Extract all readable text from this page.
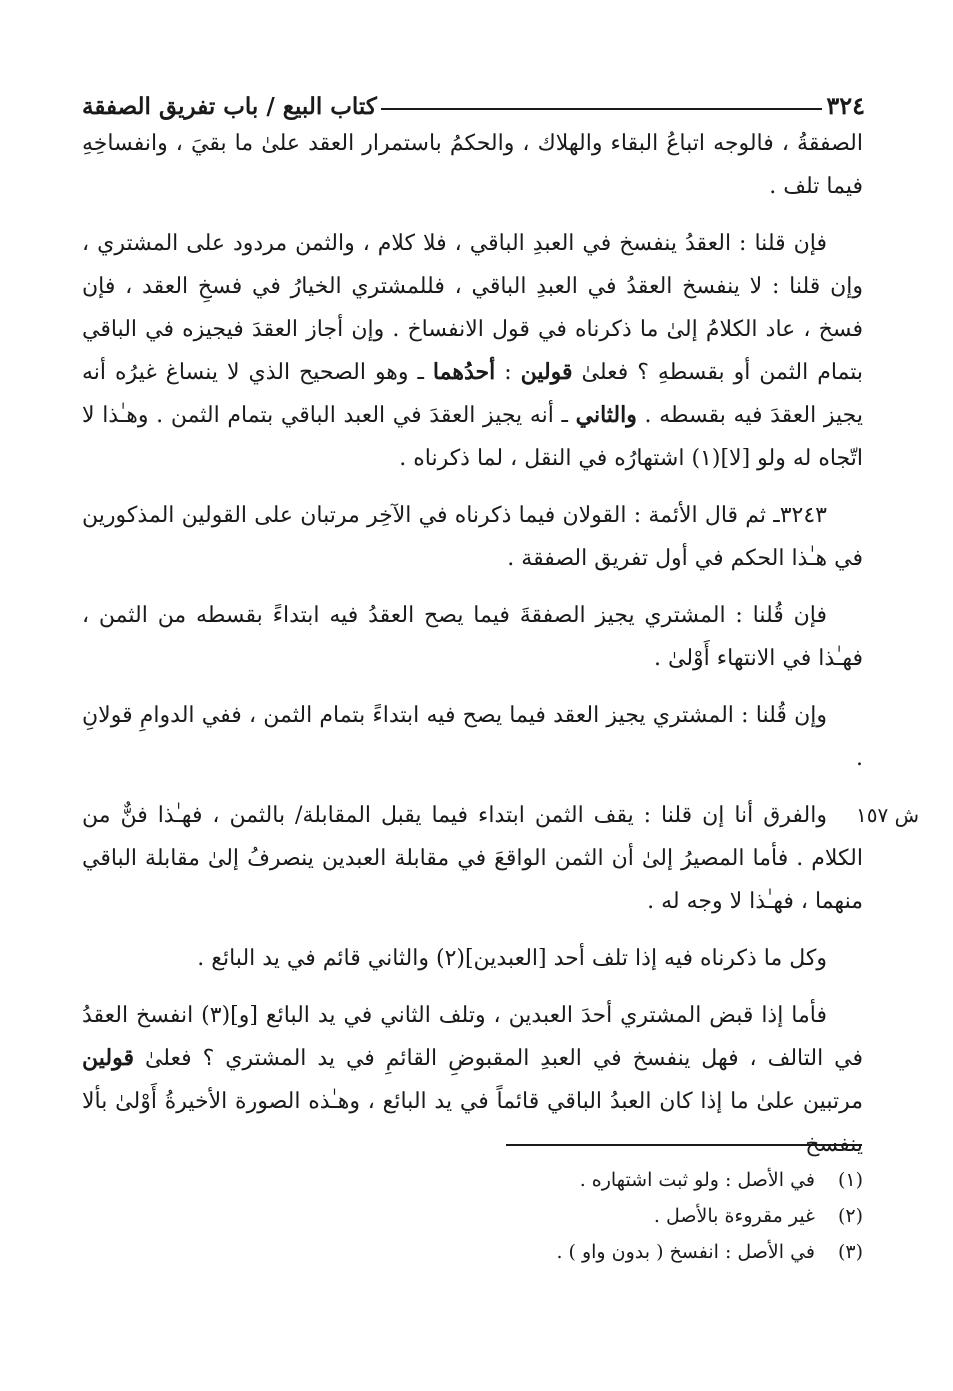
٣٢٤
كتاب البيع / باب تفريق الصفقة

الصفقةُ ، فالوجه اتباعُ البقاء والهلاك ، والحكمُ باستمرار العقد علىٰ ما بقيَ ، وانفساخِهِ فيما تلف .

فإن قلنا : العقدُ ينفسخ في العبدِ الباقي ، فلا كلام ، والثمن مردود على المشتري ، وإن قلنا : لا ينفسخ العقدُ في العبدِ الباقي ، فللمشتري الخيارُ في فسخِ العقد ، فإن فسخ ، عاد الكلامُ إلىٰ ما ذكرناه في قول الانفساخ . وإن أجاز العقدَ فيجيزه في الباقي بتمام الثمن أو بقسطهِ ؟ فعلىٰ قولين : أحدُهما ـ وهو الصحيح الذي لا ينساغ غيرُه أنه يجيز العقدَ فيه بقسطه . والثاني ـ أنه يجيز العقدَ في العبد الباقي بتمام الثمن . وهـٰذا لا اتّجاه له ولو [لا](١) اشتهارُه في النقل ، لما ذكرناه .

٣٢٤٣ـ ثم قال الأئمة : القولان فيما ذكرناه في الآخِر مرتبان على القولين المذكورين في هـٰذا الحكم في أول تفريق الصفقة .

فإن قُلنا : المشتري يجيز الصفقةَ فيما يصح العقدُ فيه ابتداءً بقسطه من الثمن ، فهـٰذا في الانتهاء أَوْلىٰ .

وإن قُلنا : المشتري يجيز العقد فيما يصح فيه ابتداءً بتمام الثمن ، ففي الدوامِ قولانِ .

ش ١٥٧
والفرق أنا إن قلنا : يقف الثمن ابتداء فيما يقبل المقابلة/ بالثمن ، فهـٰذا فنٌّ من الكلام . فأما المصيرُ إلىٰ أن الثمن الواقعَ في مقابلة العبدين ينصرفُ إلىٰ مقابلة الباقي منهما ، فهـٰذا لا وجه له .

وكل ما ذكرناه فيه إذا تلف أحد [العبدين](٢) والثاني قائم في يد البائع .

فأما إذا قبض المشتري أحدَ العبدين ، وتلف الثاني في يد البائع [و](٣) انفسخ العقدُ في التالف ، فهل ينفسخ في العبدِ المقبوضِ القائمِ في يد المشتري ؟ فعلىٰ قولين مرتبين علىٰ ما إذا كان العبدُ الباقي قائماً في يد البائع ، وهـٰذه الصورة الأخيرةُ أَوْلىٰ بألا ينفسخ

(١)في الأصل : ولو ثبت اشتهاره .
(٢)غير مقروءة بالأصل .
(٣)في الأصل : انفسخ ( بدون واو ) .
